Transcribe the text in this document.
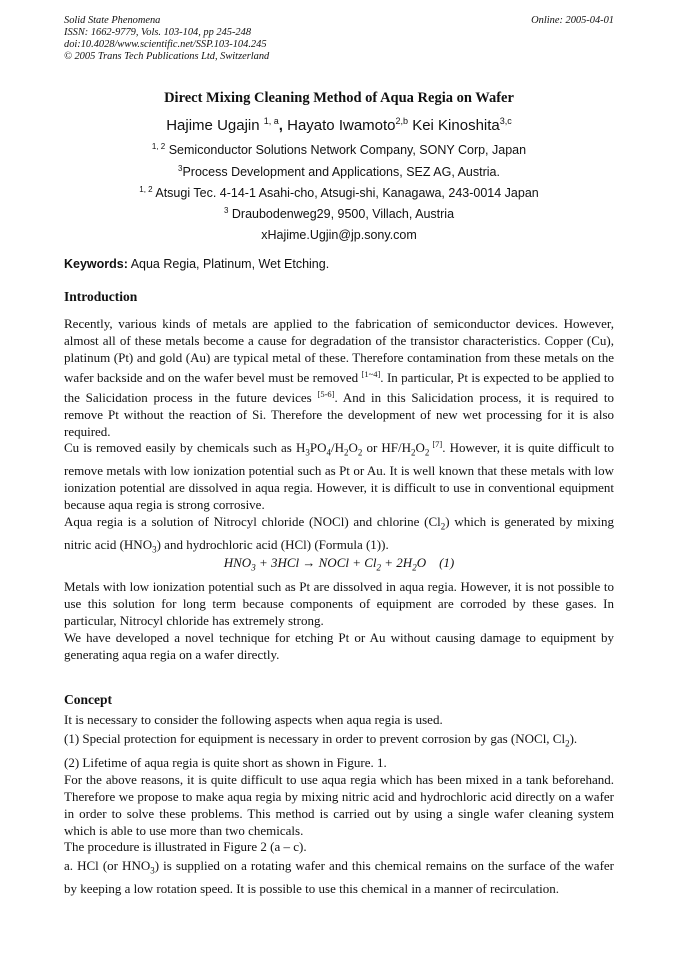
Solid State Phenomena
ISSN: 1662-9779, Vols. 103-104, pp 245-248
doi:10.4028/www.scientific.net/SSP.103-104.245
© 2005 Trans Tech Publications Ltd, Switzerland
Online: 2005-04-01
Direct Mixing Cleaning Method of Aqua Regia on Wafer
Hajime Ugajin $^{1, a}$, Hayato Iwamoto$^{2,b}$ Kei Kinoshita$^{3,c}$
$^{1, 2}$ Semiconductor Solutions Network Company, SONY Corp, Japan
$^3$Process Development and Applications, SEZ AG, Austria.
$^{1, 2}$ Atsugi Tec. 4-14-1 Asahi-cho, Atsugi-shi, Kanagawa, 243-0014 Japan
$^3$ Draubodenweg29, 9500, Villach, Austria
xHajime.Ugjin@jp.sony.com
Keywords: Aqua Regia, Platinum, Wet Etching.
Introduction
Recently, various kinds of metals are applied to the fabrication of semiconductor devices. However, almost all of these metals become a cause for degradation of the transistor characteristics. Copper (Cu), platinum (Pt) and gold (Au) are typical metal of these. Therefore contamination from these metals on the wafer backside and on the wafer bevel must be removed [1~4]. In particular, Pt is expected to be applied to the Salicidation process in the future devices [5-6]. And in this Salicidation process, it is required to remove Pt without the reaction of Si. Therefore the development of new wet processing for it is also required.
Cu is removed easily by chemicals such as $H_3PO_4/H_2O_2$ or $HF/H_2O_2$ [7]. However, it is quite difficult to remove metals with low ionization potential such as Pt or Au. It is well known that these metals with low ionization potential are dissolved in aqua regia. However, it is difficult to use in conventional equipment because aqua regia is strong corrosive.
Aqua regia is a solution of Nitrocyl chloride (NOCl) and chlorine $(Cl_2)$ which is generated by mixing nitric acid $(HNO_3)$ and hydrochloric acid (HCl) (Formula (1)).
$HNO_3 + 3HCl$ → NOCl + $Cl_2 + 2H_2O$    (1)

Metals with low ionization potential such as Pt are dissolved in aqua regia. However, it is not possible to use this solution for long term because components of equipment are corroded by these gases. In particular, Nitrocyl chloride has extremely strong.

We have developed a novel technique for etching Pt or Au without causing damage to equipment by generating aqua regia on a wafer directly.

Concept

It is necessary to consider the following aspects when aqua regia is used.

(1) Special protection for equipment is necessary in order to prevent corrosion by gas (NOCl, $Cl_2$).

(2) Lifetime of aqua regia is quite short as shown in Figure. 1.

For the above reasons, it is quite difficult to use aqua regia which has been mixed in a tank beforehand. Therefore we propose to make aqua regia by mixing nitric acid and hydrochloric acid directly on a wafer in order to solve these problems. This method is carried out by using a single wafer cleaning system which is able to use more than two chemicals.

The procedure is illustrated in Figure 2 (a – c).

a. HCl (or $HNO_3$) is supplied on a rotating wafer and this chemical remains on the surface of the wafer by keeping a low rotation speed. It is possible to use this chemical in a manner of recirculation.
